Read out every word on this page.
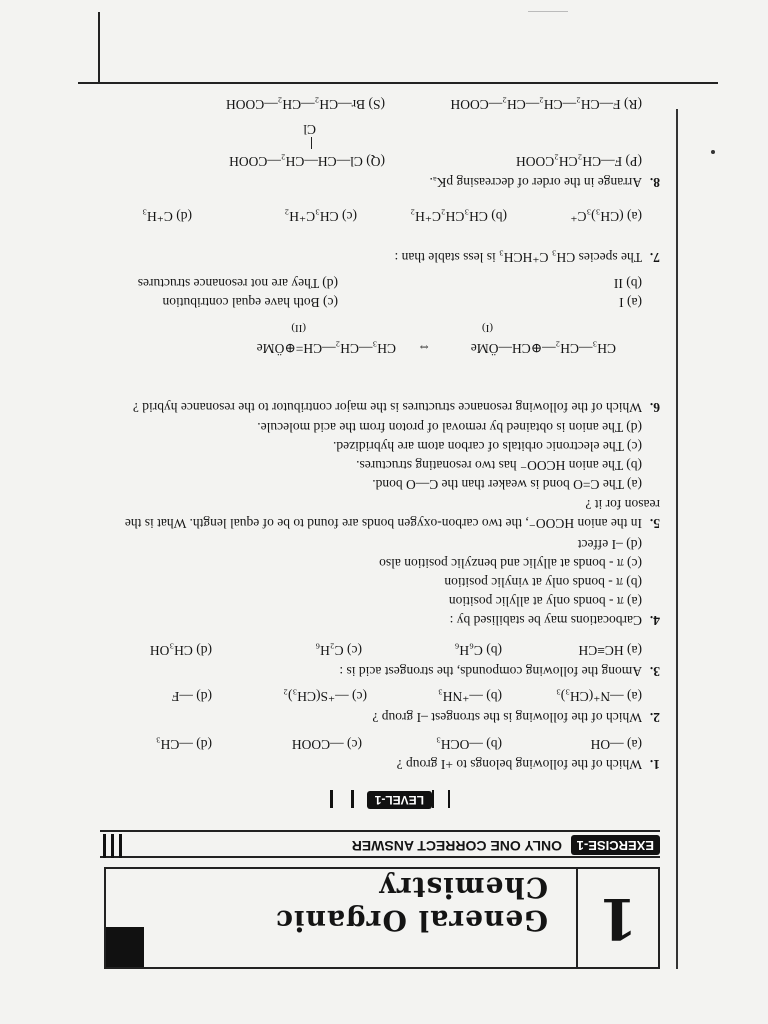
1
General Organic Chemistry
EXERCISE-1
ONLY ONE CORRECT ANSWER
LEVEL-1
1.Which of the following belongs to +I group ?
(a) —OH
(b) —OCH₃
(c) —COOH
(d) —CH₃
2.Which of the following is the strongest –I group ?
(a) —N⁺(CH₃)₃
(b) —⁺NH₃
(c) —⁺S(CH₃)₂
(d) —F
3.Among the following compounds, the strongest acid is :
(a) HC≡CH
(b) C₆H₆
(c) C₂H₆
(d) CH₃OH
4.Carbocations may be stabilised by :
(a) π - bonds only at allylic position
(b) π - bonds only at vinylic position
(c) π - bonds at allylic and benzylic position also
(d) –I effect
5.In the anion HCOO⁻, the two carbon-oxygen bonds are found to be of equal length. What is the reason for it ?
(a) The C=O bond is weaker than the C—O bond.
(b) The anion HCOO⁻ has two resonating structures.
(c) The electronic orbitals of carbon atom are hybridized.
(d) The anion is obtained by removal of proton from the acid molecule.
6.Which of the following resonance structures is the major contributor to the resonance hybrid ?
CH₃—CH₂—⊕CH—ÖMe
⇔
CH₃—CH₂—CH=⊕ÖMe
(I)
(II)
(a) I
(b) II
(c) Both have equal contribution
(d) They are not resonance structures
7.The species CH₃ C⁺HCH₃ is less stable than :
(a) (CH₃)₃C⁺
(b) CH₃CH₂C⁺H₂
(c) CH₃C⁺H₂
(d) C⁺H₃
8.Arrange in the order of decreasing pKₐ.
(P) F—CH₂CH₂COOH
(Q) Cl—CH—CH₂—COOH
Cl
(R) F—CH₂—CH₂—CH₂—COOH
(S) Br—CH₂—CH₂—COOH
